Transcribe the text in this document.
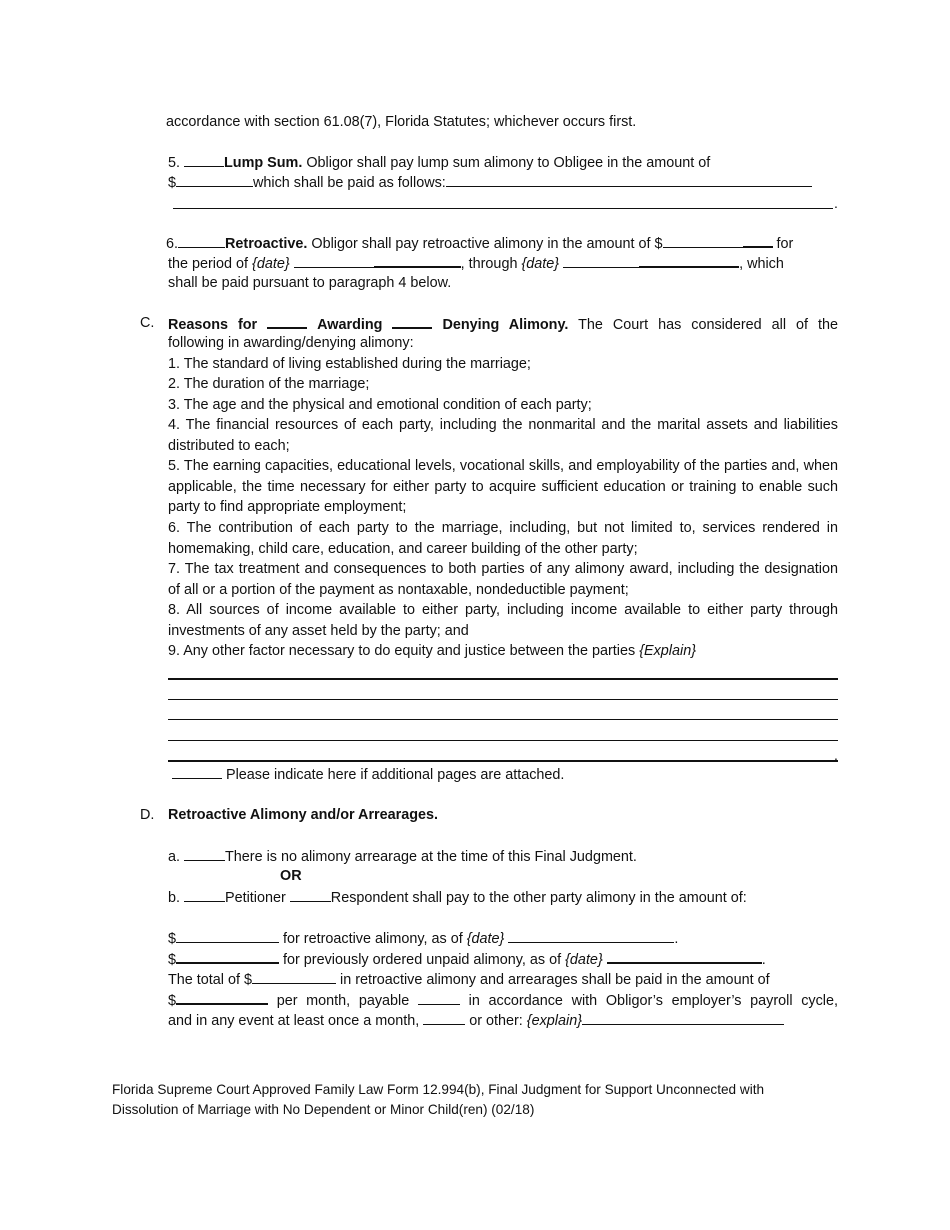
accordance with section 61.08(7), Florida Statutes; whichever occurs first.
5.	Lump Sum. Obligor shall pay lump sum alimony to Obligee in the amount of
$	which shall be paid as follows:
.
6.	Retroactive. Obligor shall pay retroactive alimony in the amount of $	for
the period of {date}	, through {date}	, which
shall be paid pursuant to paragraph 4 below.
C. Reasons for	Awarding	Denying Alimony. The Court has considered all of the
following in awarding/denying alimony:
1. The standard of living established during the marriage;
2. The duration of the marriage;
3. The age and the physical and emotional condition of each party;
4. The financial resources of each party, including the nonmarital and the marital assets and liabilities distributed to each;
5. The earning capacities, educational levels, vocational skills, and employability of the parties and, when applicable, the time necessary for either party to acquire sufficient education or training to enable such party to find appropriate employment;
6. The contribution of each party to the marriage, including, but not limited to, services rendered in homemaking, child care, education, and career building of the other party;
7. The tax treatment and consequences to both parties of any alimony award, including the designation of all or a portion of the payment as nontaxable, nondeductible payment;
8. All sources of income available to either party, including income available to either party through investments of any asset held by the party; and
9. Any other factor necessary to do equity and justice between the parties {Explain}
.
Please indicate here if additional pages are attached.
D. Retroactive Alimony and/or Arrearages.
a.	There is no alimony arrearage at the time of this Final Judgment.
OR
b.	Petitioner	Respondent shall pay to the other party alimony in the amount of:
$	for retroactive alimony, as of {date}	.
$	for previously ordered unpaid alimony, as of {date}	.
The total of $	in retroactive alimony and arrearages shall be paid in the amount of
$	per month, payable	in accordance with Obligor’s employer’s payroll cycle,
and in any event at least once a month,	or other: {explain}
Florida Supreme Court Approved Family Law Form 12.994(b), Final Judgment for Support Unconnected with
Dissolution of Marriage with No Dependent or Minor Child(ren) (02/18)
